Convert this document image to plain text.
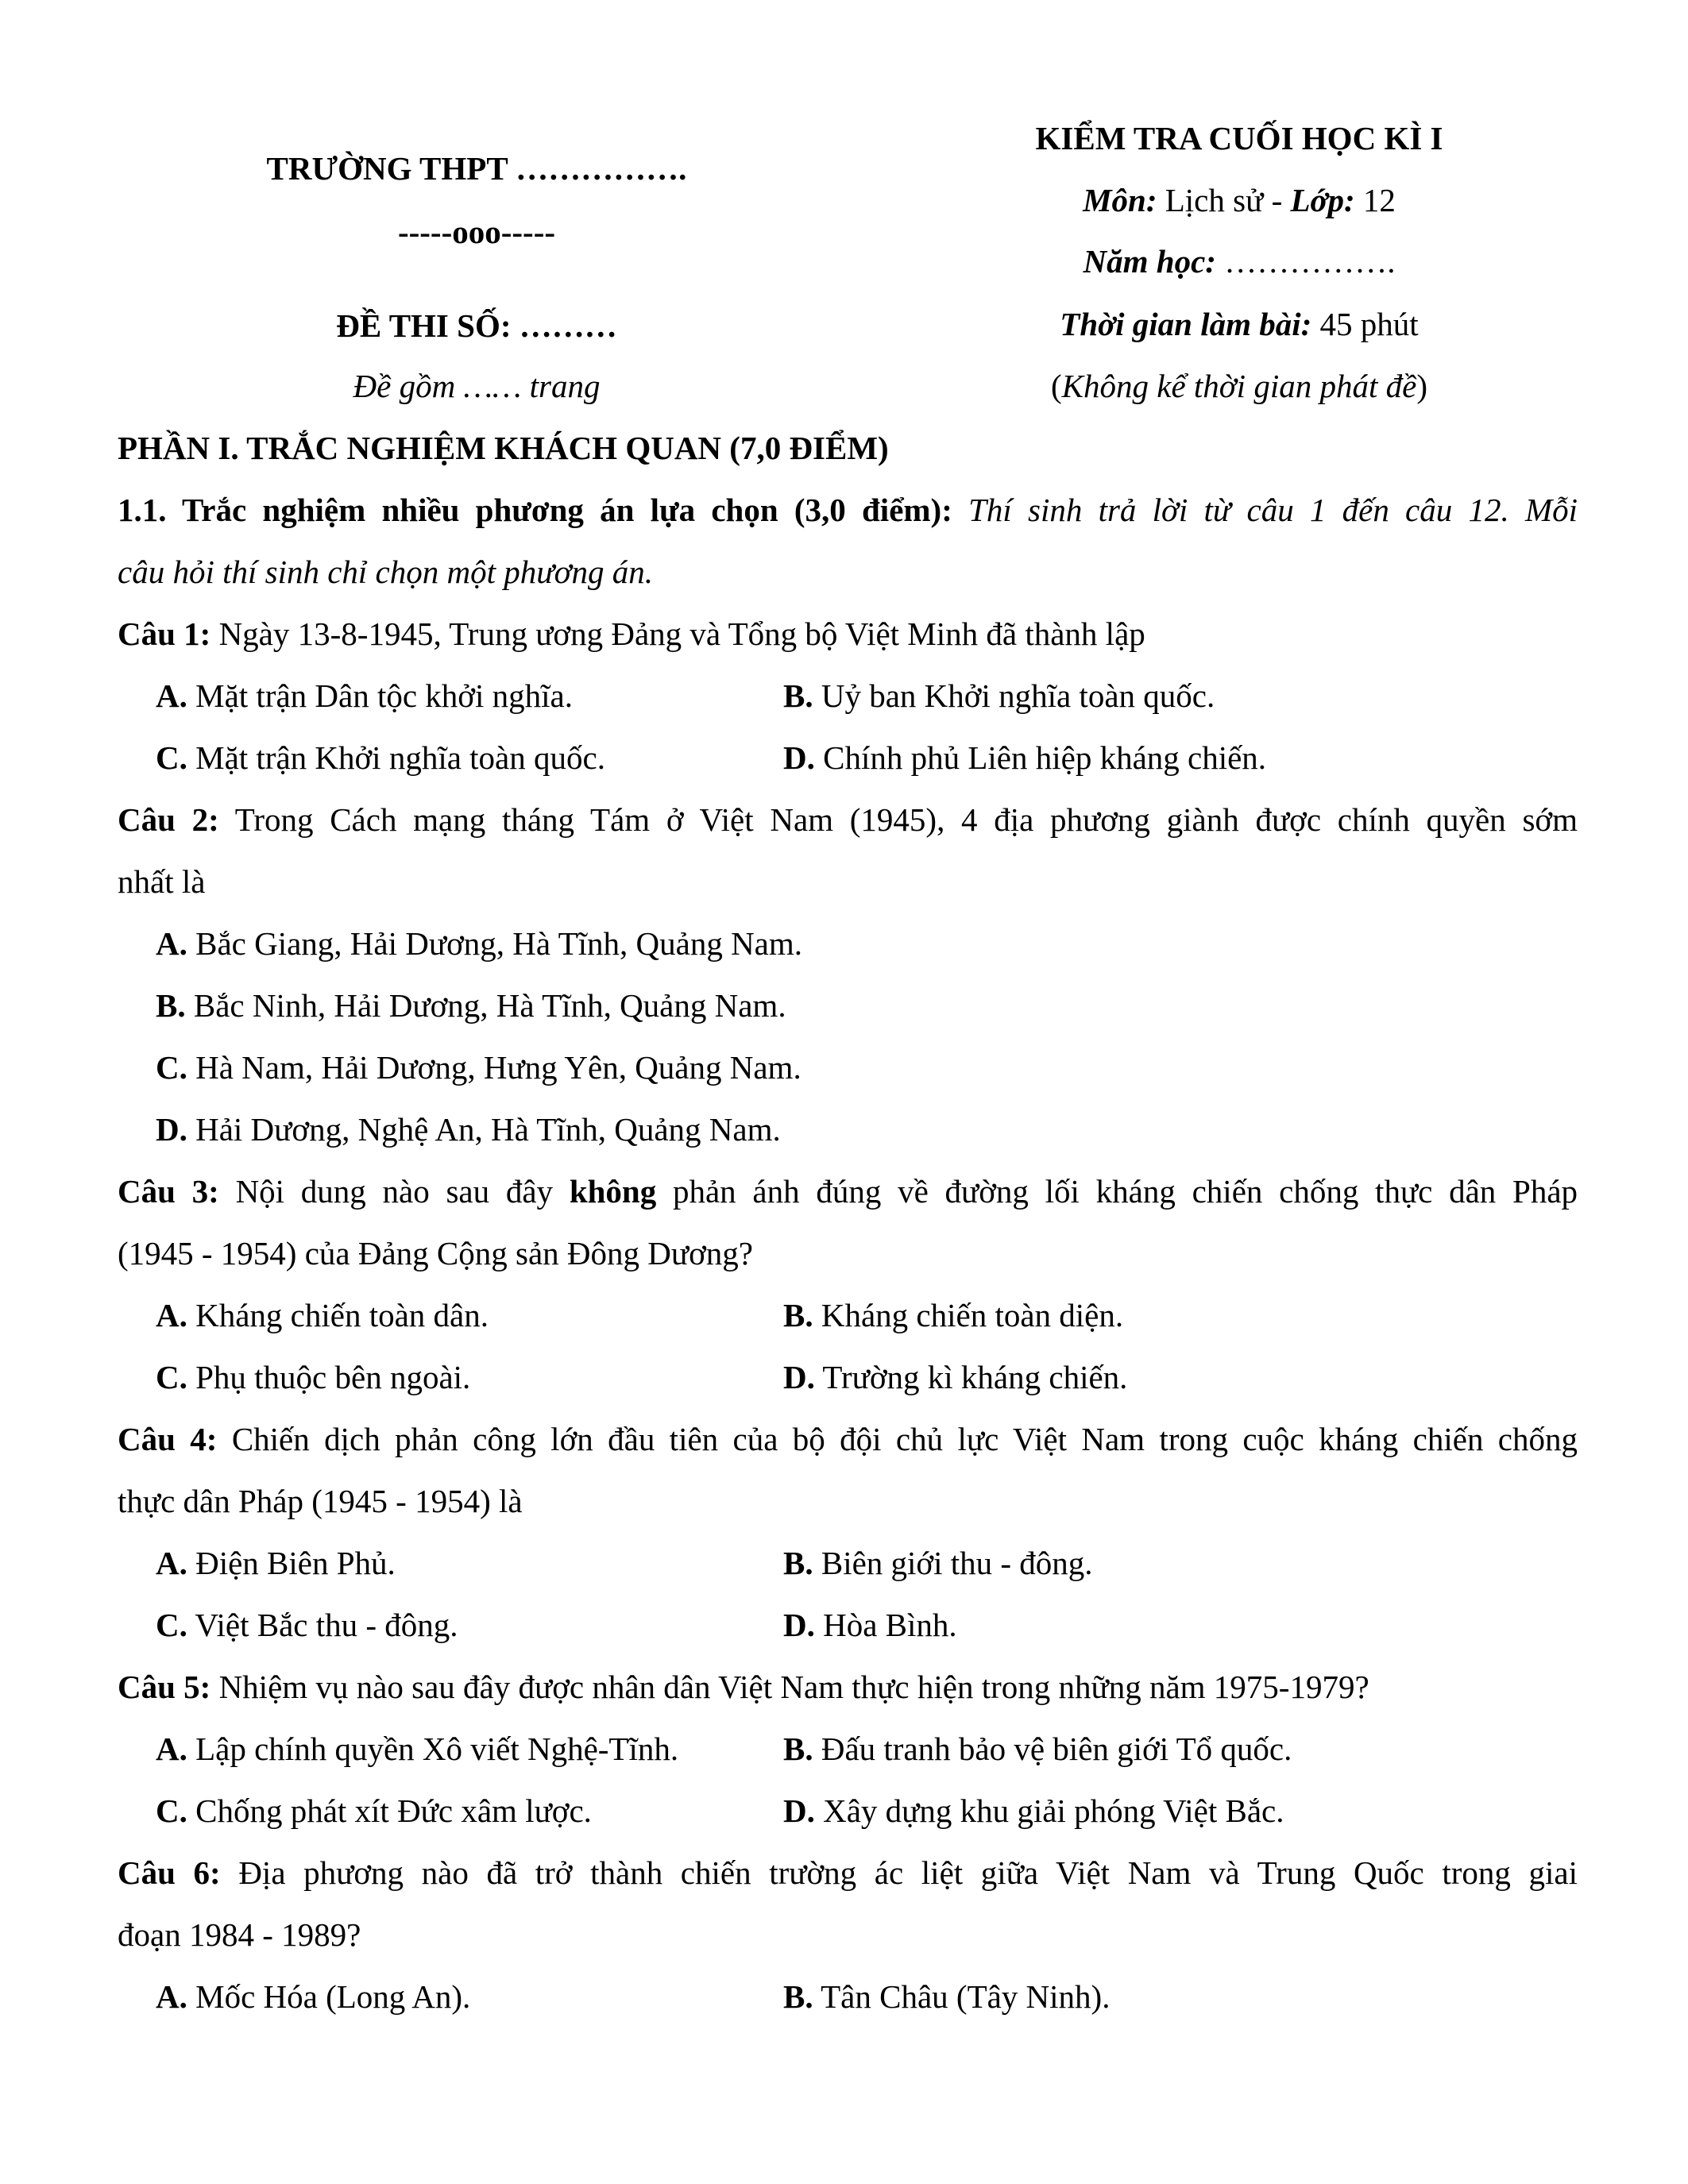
TRƯỜNG THPT …………….
-----ooo-----
ĐỀ THI SỐ: ………
Đề gồm …… trang
KIỂM TRA CUỐI HỌC KÌ I
Môn: Lịch sử - Lớp: 12
Năm học: …………….
Thời gian làm bài: 45 phút
(Không kể thời gian phát đề)
PHẦN I. TRẮC NGHIỆM KHÁCH QUAN (7,0 ĐIỂM)
1.1. Trắc nghiệm nhiều phương án lựa chọn (3,0 điểm): Thí sinh trả lời từ câu 1 đến câu 12. Mỗi
câu hỏi thí sinh chỉ chọn một phương án.
Câu 1: Ngày 13-8-1945, Trung ương Đảng và Tổng bộ Việt Minh đã thành lập
A. Mặt trận Dân tộc khởi nghĩa.	B. Uỷ ban Khởi nghĩa toàn quốc.
C. Mặt trận Khởi nghĩa toàn quốc.	D. Chính phủ Liên hiệp kháng chiến.
Câu 2: Trong Cách mạng tháng Tám ở Việt Nam (1945), 4 địa phương giành được chính quyền sớm
nhất là
A. Bắc Giang, Hải Dương, Hà Tĩnh, Quảng Nam.
B. Bắc Ninh, Hải Dương, Hà Tĩnh, Quảng Nam.
C. Hà Nam, Hải Dương, Hưng Yên, Quảng Nam.
D. Hải Dương, Nghệ An, Hà Tĩnh, Quảng Nam.
Câu 3: Nội dung nào sau đây không phản ánh đúng về đường lối kháng chiến chống thực dân Pháp
(1945 - 1954) của Đảng Cộng sản Đông Dương?
A. Kháng chiến toàn dân.	B. Kháng chiến toàn diện.
C. Phụ thuộc bên ngoài.	D. Trường kì kháng chiến.
Câu 4: Chiến dịch phản công lớn đầu tiên của bộ đội chủ lực Việt Nam trong cuộc kháng chiến chống
thực dân Pháp (1945 - 1954) là
A. Điện Biên Phủ.	B. Biên giới thu - đông.
C. Việt Bắc thu - đông.	D. Hòa Bình.
Câu 5: Nhiệm vụ nào sau đây được nhân dân Việt Nam thực hiện trong những năm 1975-1979?
A. Lập chính quyền Xô viết Nghệ-Tĩnh.	B. Đấu tranh bảo vệ biên giới Tổ quốc.
C. Chống phát xít Đức xâm lược.	D. Xây dựng khu giải phóng Việt Bắc.
Câu 6: Địa phương nào đã trở thành chiến trường ác liệt giữa Việt Nam và Trung Quốc trong giai
đoạn 1984 - 1989?
A. Mốc Hóa (Long An).	B. Tân Châu (Tây Ninh).
